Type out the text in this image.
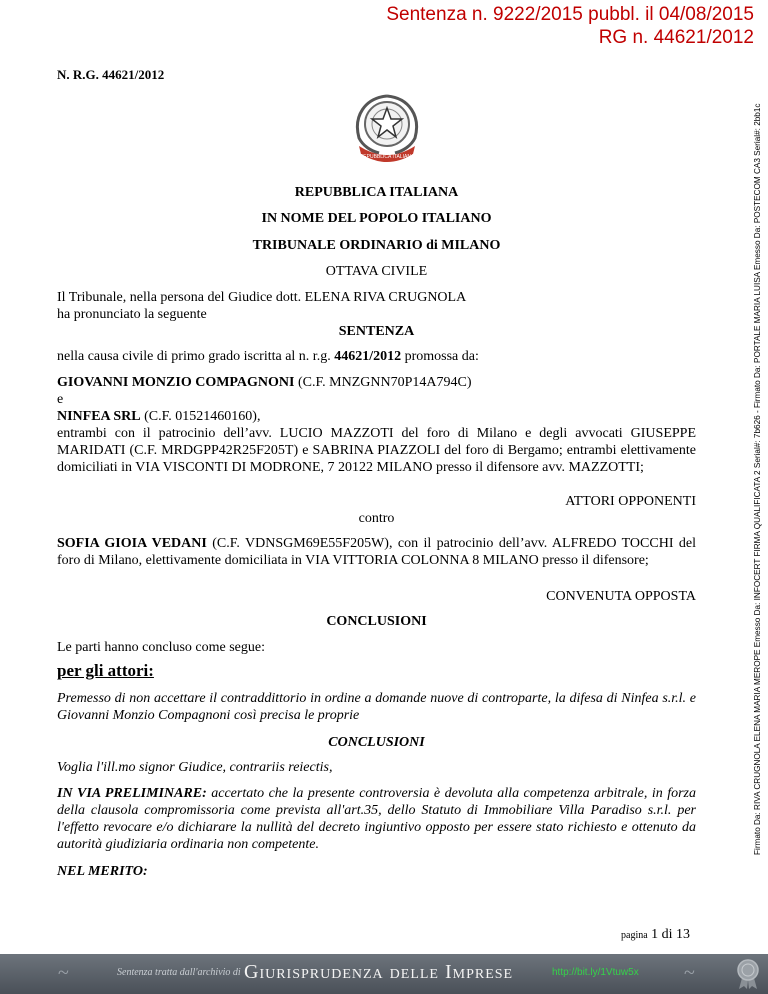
Sentenza n. 9222/2015 pubbl. il 04/08/2015
RG n. 44621/2012
N. R.G. 44621/2012
REPUBBLICA ITALIANA	Firmato Da: RIVA CRUGNOLA ELENA MARIA MEROPE Emesso Da: INFOCERT FIRMA QUALIFICATA 2 Serial#: 7b626 - Firmato Da: PORTALE MARIA LUISA Emesso Da: POSTECOM CA3 Serial#: 2bb1c
REPUBBLICA ITALIANA
IN NOME DEL POPOLO ITALIANO
TRIBUNALE ORDINARIO di MILANO
OTTAVA CIVILE
Il Tribunale, nella persona del Giudice dott. ELENA RIVA CRUGNOLA
ha pronunciato la seguente
SENTENZA
nella causa civile di primo grado iscritta al n. r.g. 44621/2012 promossa da:
GIOVANNI MONZIO COMPAGNONI (C.F. MNZGNN70P14A794C)
e
NINFEA SRL (C.F. 01521460160),
entrambi con il patrocinio dell’avv. LUCIO MAZZOTI del foro di Milano e degli avvocati GIUSEPPE MARIDATI (C.F. MRDGPP42R25F205T) e SABRINA PIAZZOLI del foro di Bergamo; entrambi elettivamente domiciliati in VIA VISCONTI DI MODRONE, 7 20122 MILANO presso il difensore avv. MAZZOTTI;
ATTORI OPPONENTI
contro
SOFIA GIOIA VEDANI (C.F. VDNSGM69E55F205W), con il patrocinio dell’avv. ALFREDO TOCCHI del foro di Milano, elettivamente domiciliata in VIA VITTORIA COLONNA 8 MILANO presso il difensore;
CONVENUTA OPPOSTA
CONCLUSIONI
Le parti hanno concluso come segue:
per gli attori:
Premesso di non accettare il contraddittorio in ordine a domande nuove di controparte, la difesa di Ninfea s.r.l. e Giovanni Monzio Compagnoni così precisa le proprie
CONCLUSIONI
Voglia l'ill.mo signor Giudice, contrariis reiectis,
IN VIA PRELIMINARE: accertato che la presente controversia è devoluta alla competenza arbitrale, in forza della clausola compromissoria come prevista all'art.35, dello Statuto di Immobiliare Villa Paradiso s.r.l. per l'effetto revocare e/o dichiarare la nullità del decreto ingiuntivo opposto per essere stato richiesto e ottenuto da autorità giudiziaria ordinaria non competente.
NEL MERITO:
pagina 1 di 13
~	Sentenza tratta dall'archivio di Giurisprudenza delle Imprese	http://bit.ly/1Vtuw5x ~
